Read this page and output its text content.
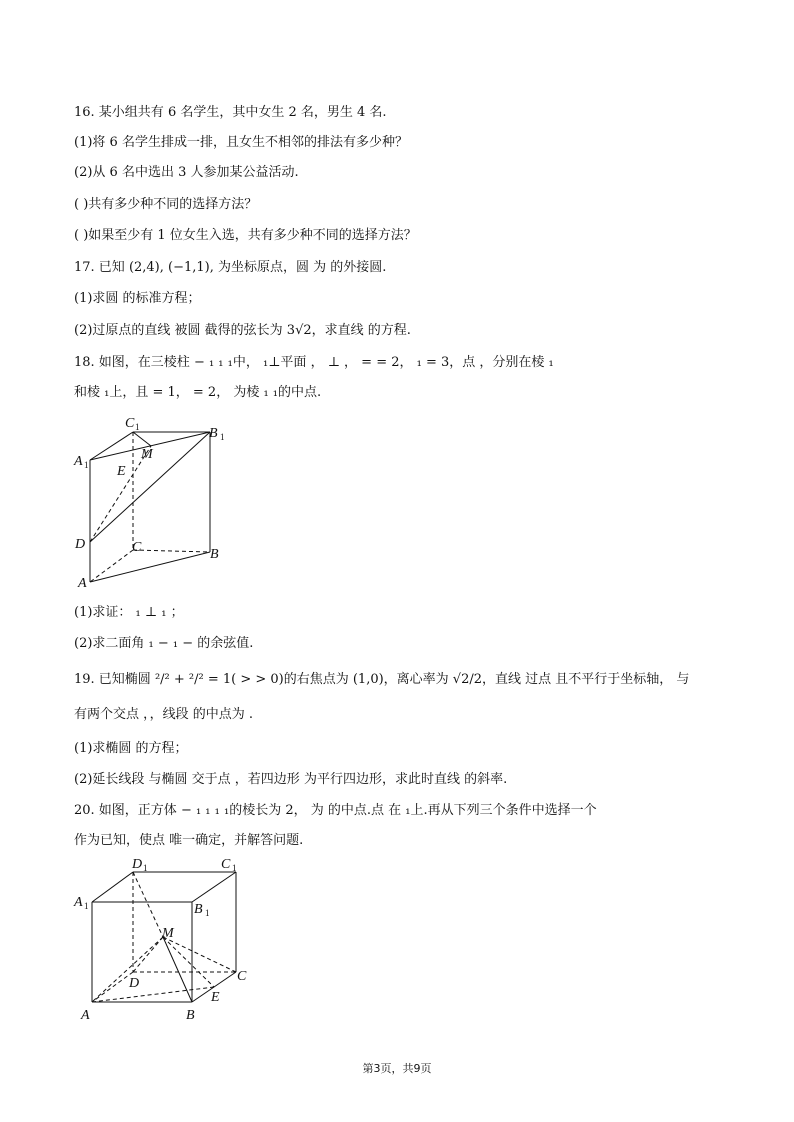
16. 某小组共有 6 名学生，其中女生 2 名，男生 4 名.
(1)将 6 名学生排成一排，且女生不相邻的排法有多少种？
(2)从 6 名中选出 3 人参加某公益活动.
( )共有多少种不同的选择方法？
( )如果至少有 1 位女生入选，共有多少种不同的选择方法？
17. 已知 (2,4), (−1,1), 为坐标原点，圆 为 的外接圆.
(1)求圆 的标准方程；
(2)过原点的直线 被圆 截得的弦长为 3√2，求直线 的方程.
18. 如图，在三棱柱 − ₁ ₁ ₁中， ₁⊥平面 ， ⊥ ， = = 2， ₁ = 3，点 ，分别在棱 ₁
和棱 ₁上，且 = 1， = 2， 为棱 ₁ ₁的中点.
C 1	B 1
A 1
M
E
D	C	B
A
(1)求证： ₁ ⊥ ₁ ；
(2)求二面角 ₁ − ₁ − 的余弦值.
19. 已知椭圆 ²/² + ²/² = 1( > > 0)的右焦点为 (1,0)，离心率为 √2/2，直线 过点 且不平行于坐标轴， 与
有两个交点 ，，线段 的中点为 .
(1)求椭圆 的方程；
(2)延长线段 与椭圆 交于点 ，若四边形 为平行四边形，求此时直线 的斜率.
20. 如图，正方体 − ₁ ₁ ₁ ₁的棱长为 2， 为 的中点.点 在 ₁上.再从下列三个条件中选择一个
作为已知，使点 唯一确定，并解答问题.
D 1	C 1
A 1	B 1
M
D	C
E
A	B
第3页，共9页
